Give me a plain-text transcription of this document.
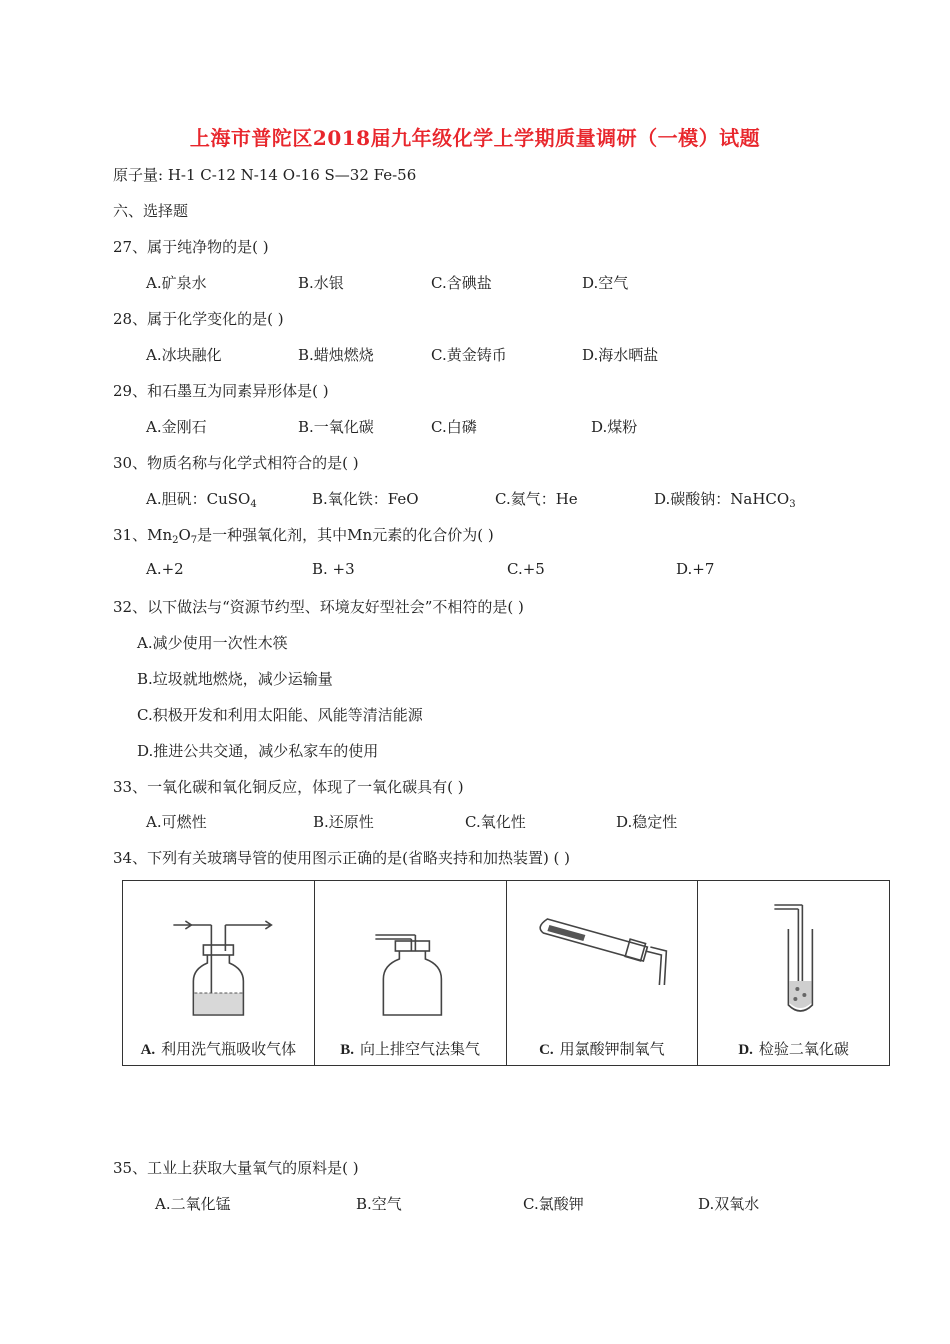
上海市普陀区2018届九年级化学上学期质量调研（一模）试题
原子量: H-1 C-12 N-14 O-16 S—32 Fe-56
六、选择题
27、属于纯净物的是( )
A.矿泉水	B.水银	C.含碘盐	D.空气
28、属于化学变化的是( )
A.冰块融化	B.蜡烛燃烧	C.黄金铸币	D.海水晒盐
29、和石墨互为同素异形体是( )
A.金刚石	B.一氧化碳	C.白磷	D.煤粉
30、物质名称与化学式相符合的是( )
A.胆矾：CuSO$_4$	B.氧化铁：FeO	C.氦气：He	D.碳酸钠：NaHCO$_3$
31、$Mn_2O_7$是一种强氧化剂，其中Mn元素的化合价为( )
A.+2	B. +3	C.+5	D.+7
32、以下做法与“资源节约型、环境友好型社会”不相符的是( )
A.减少使用一次性木筷
B.垃圾就地燃烧，减少运输量
C.积极开发和利用太阳能、风能等清洁能源
D.推进公共交通，减少私家车的使用
33、一氧化碳和氧化铜反应，体现了一氧化碳具有( )
A.可燃性	B.还原性	C.氧化性	D.稳定性
34、下列有关玻璃导管的使用图示正确的是(省略夹持和加热装置) ( )
A. 利用洗气瓶吸收气体	B. 向上排空气法集气	C. 用氯酸钾制氧气	D. 检验二氧化碳
35、工业上获取大量氧气的原料是( )
A.二氧化锰	B.空气	C.氯酸钾	D.双氧水
